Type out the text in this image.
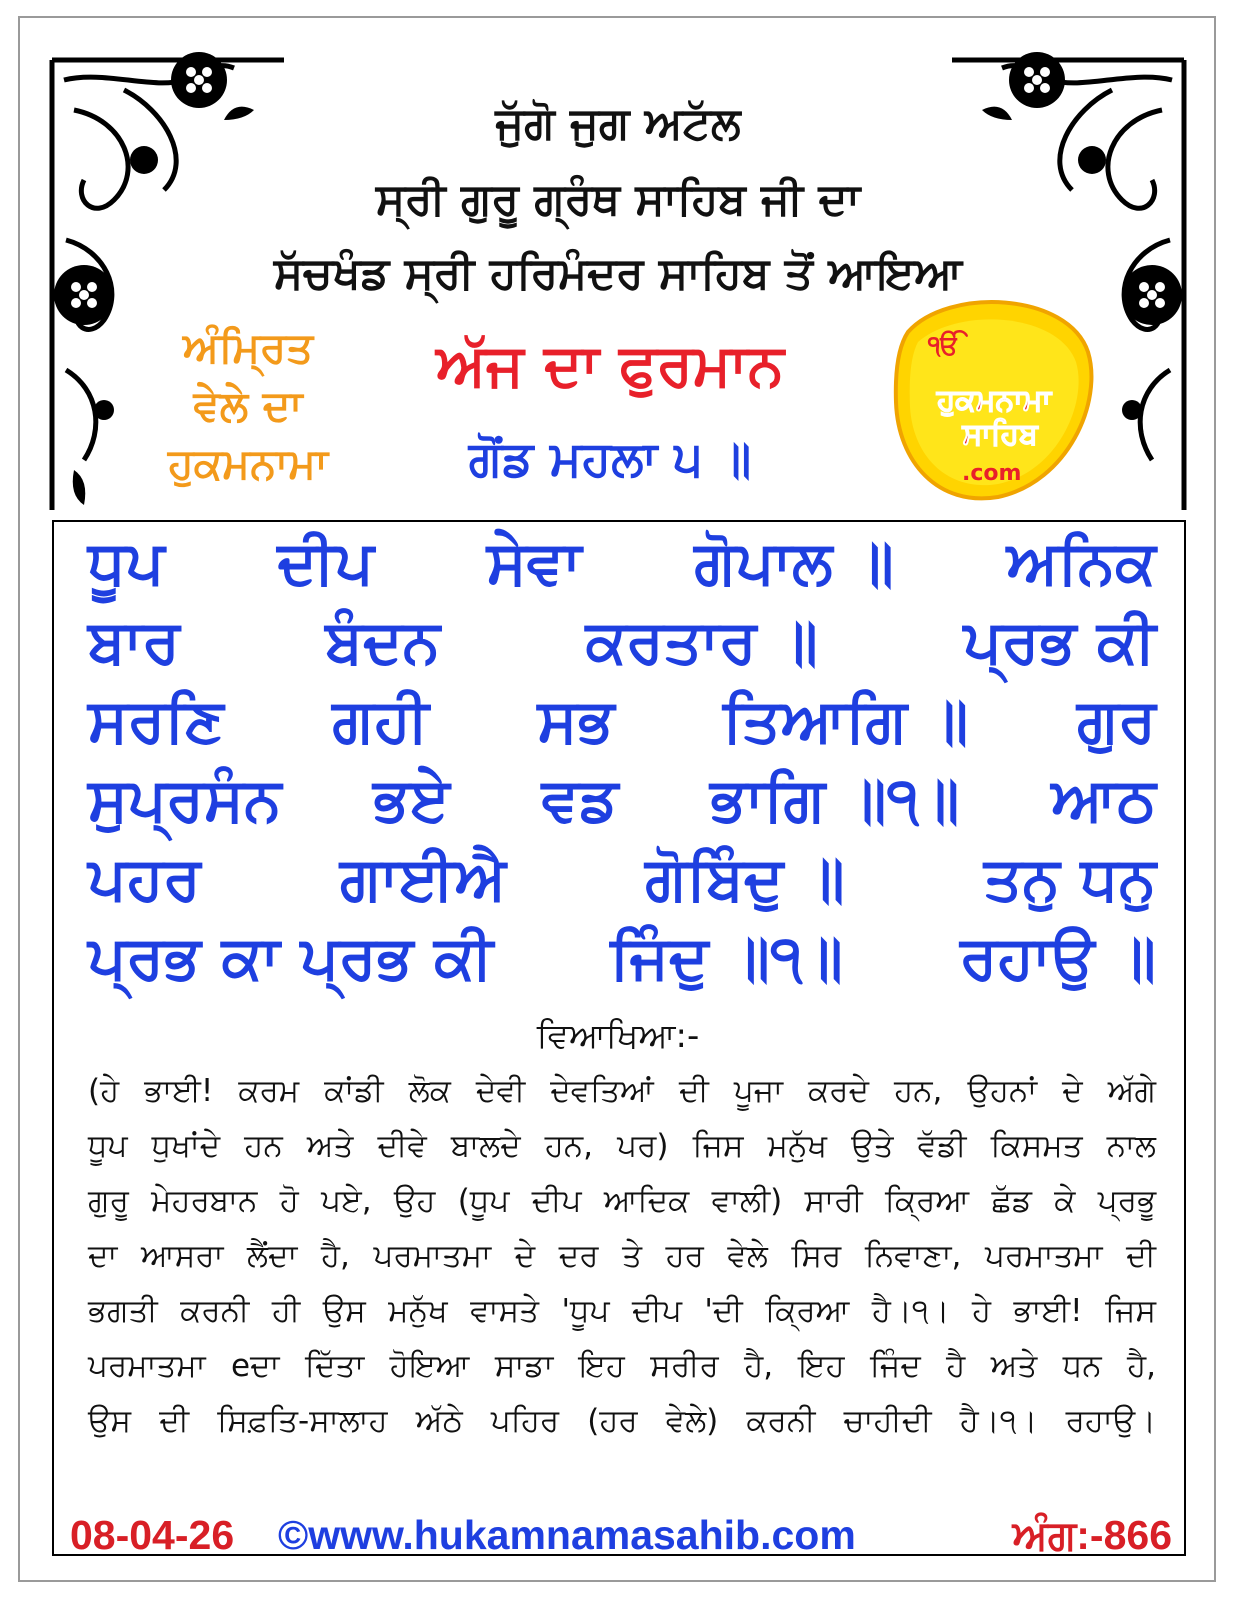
ਜੁੱਗੋ ਜੁਗ ਅਟੱਲ
ਸ੍ਰੀ ਗੁਰੂ ਗ੍ਰੰਥ ਸਾਹਿਬ ਜੀ ਦਾ
ਸੱਚਖੰਡ ਸ੍ਰੀ ਹਰਿਮੰਦਰ ਸਾਹਿਬ ਤੋਂ ਆਇਆ
ਅੰਮ੍ਰਿਤ
ਵੇਲੇ ਦਾ
ਹੁਕਮਨਾਮਾ
ਅੱਜ ਦਾ ਫੁਰਮਾਨ
ਗੋਂਡ ਮਹਲਾ ੫ ॥
ੴ
ਹੁਕਮਨਾਮਾ
ਸਾਹਿਬ
.com
ਧੂਪ ਦੀਪ ਸੇਵਾ ਗੋਪਾਲ ॥ ਅਨਿਕ
ਬਾਰ ਬੰਦਨ ਕਰਤਾਰ ॥ ਪ੍ਰਭ ਕੀ
ਸਰਣਿ ਗਹੀ ਸਭ ਤਿਆਗਿ ॥ ਗੁਰ
ਸੁਪ੍ਰਸੰਨ ਭਏ ਵਡ ਭਾਗਿ ॥੧॥ ਆਠ
ਪਹਰ ਗਾਈਐ ਗੋਬਿੰਦੁ ॥ ਤਨੁ ਧਨੁ
ਪ੍ਰਭ ਕਾ ਪ੍ਰਭ ਕੀ ਜਿੰਦੁ ॥੧॥ ਰਹਾਉ ॥
ਵਿਆਖਿਆ:-
(ਹੇ ਭਾਈ! ਕਰਮ ਕਾਂਡੀ ਲੋਕ ਦੇਵੀ ਦੇਵਤਿਆਂ ਦੀ ਪੂਜਾ ਕਰਦੇ ਹਨ, ਉਹਨਾਂ ਦੇ ਅੱਗੇ
ਧੂਪ ਧੁਖਾਂਦੇ ਹਨ ਅਤੇ ਦੀਵੇ ਬਾਲਦੇ ਹਨ, ਪਰ) ਜਿਸ ਮਨੁੱਖ ਉਤੇ ਵੱਡੀ ਕਿਸਮਤ ਨਾਲ
ਗੁਰੂ ਮੇਹਰਬਾਨ ਹੋ ਪਏ, ਉਹ (ਧੂਪ ਦੀਪ ਆਦਿਕ ਵਾਲੀ) ਸਾਰੀ ਕ੍ਰਿਆ ਛੱਡ ਕੇ ਪ੍ਰਭੂ
ਦਾ ਆਸਰਾ ਲੈਂਦਾ ਹੈ, ਪਰਮਾਤਮਾ ਦੇ ਦਰ ਤੇ ਹਰ ਵੇਲੇ ਸਿਰ ਨਿਵਾਣਾ, ਪਰਮਾਤਮਾ ਦੀ
ਭਗਤੀ ਕਰਨੀ ਹੀ ਉਸ ਮਨੁੱਖ ਵਾਸਤੇ 'ਧੂਪ ਦੀਪ 'ਦੀ ਕ੍ਰਿਆ ਹੈ।੧। ਹੇ ਭਾਈ! ਜਿਸ
ਪਰਮਾਤਮਾ eਦਾ ਦਿੱਤਾ ਹੋਇਆ ਸਾਡਾ ਇਹ ਸਰੀਰ ਹੈ, ਇਹ ਜਿੰਦ ਹੈ ਅਤੇ ਧਨ ਹੈ,
ਉਸ ਦੀ ਸਿਫ਼ਤਿ-ਸਾਲਾਹ ਅੱਠੇ ਪਹਿਰ (ਹਰ ਵੇਲੇ) ਕਰਨੀ ਚਾਹੀਦੀ ਹੈ।੧। ਰਹਾਉ।
08-04-26 ©www.hukamnamasahib.com	ਅੰਗ:-866
